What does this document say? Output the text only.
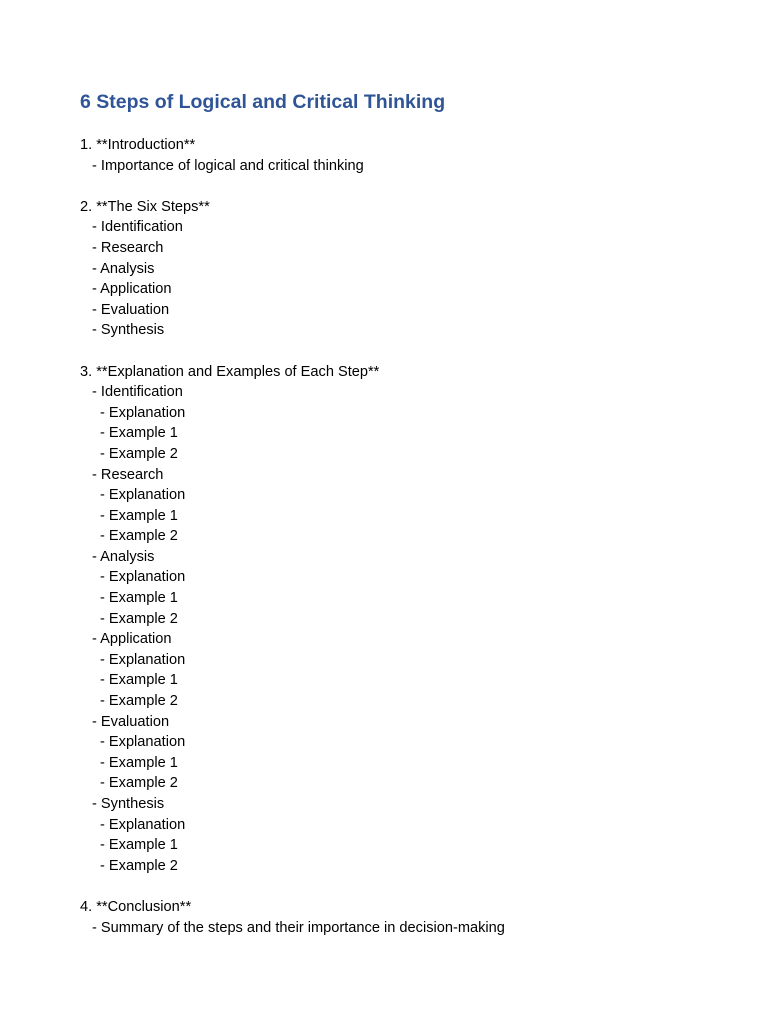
6 Steps of Logical and Critical Thinking
1. **Introduction**
- Importance of logical and critical thinking
2. **The Six Steps**
- Identification
- Research
- Analysis
- Application
- Evaluation
- Synthesis
3. **Explanation and Examples of Each Step**
- Identification
- Explanation
- Example 1
- Example 2
- Research
- Explanation
- Example 1
- Example 2
- Analysis
- Explanation
- Example 1
- Example 2
- Application
- Explanation
- Example 1
- Example 2
- Evaluation
- Explanation
- Example 1
- Example 2
- Synthesis
- Explanation
- Example 1
- Example 2
4. **Conclusion**
- Summary of the steps and their importance in decision-making
